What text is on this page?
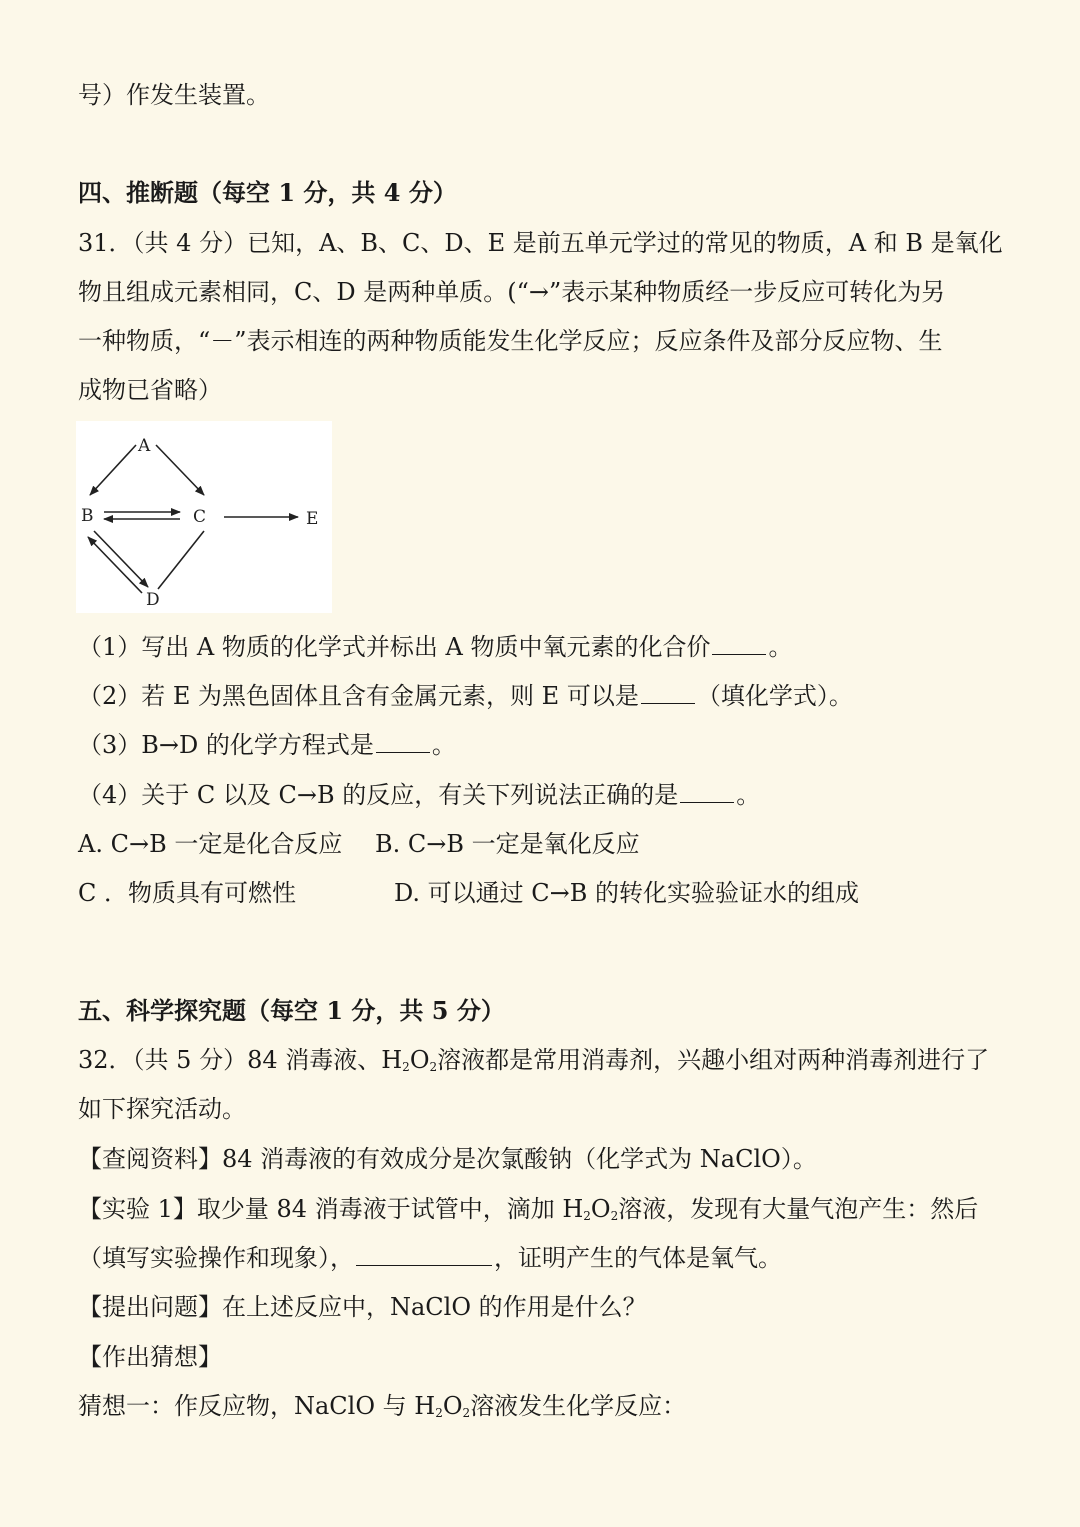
号）作发生装置。
四、推断题（每空 1 分，共 4 分）
31．（共 4 分）已知，A、B、C、D、E 是前五单元学过的常见的物质，A 和 B 是氧化
物且组成元素相同，C、D 是两种单质。(“→”表示某种物质经一步反应可转化为另
一种物质，“－”表示相连的两种物质能发生化学反应；反应条件及部分反应物、生
成物已省略）
A
B	C
D
E
（1）写出 A 物质的化学式并标出 A 物质中氧元素的化合价 。
（2）若 E 为黑色固体且含有金属元素，则 E 可以是 （填化学式）。
（3）B→D 的化学方程式是 。
（4）关于 C 以及 C→B 的反应，有关下列说法正确的是 。
A. C→B 一定是化合反应 B. C→B 一定是氧化反应
C ．物质具有可燃性	D. 可以通过 C→B 的转化实验验证水的组成
五、科学探究题（每空 1 分，共 5 分）
32．（共 5 分）84 消毒液、$H_2O_2$溶液都是常用消毒剂，兴趣小组对两种消毒剂进行了
如下探究活动。
【查阅资料】84 消毒液的有效成分是次氯酸钠（化学式为 NaClO）。
【实验 1】取少量 84 消毒液于试管中，滴加 $H_2O_2$溶液，发现有大量气泡产生：然后
（填写实验操作和现象），	，证明产生的气体是氧气。
【提出问题】在上述反应中，NaClO 的作用是什么？
【作出猜想】
猜想一：作反应物，NaClO 与 $H_2O_2$溶液发生化学反应：
